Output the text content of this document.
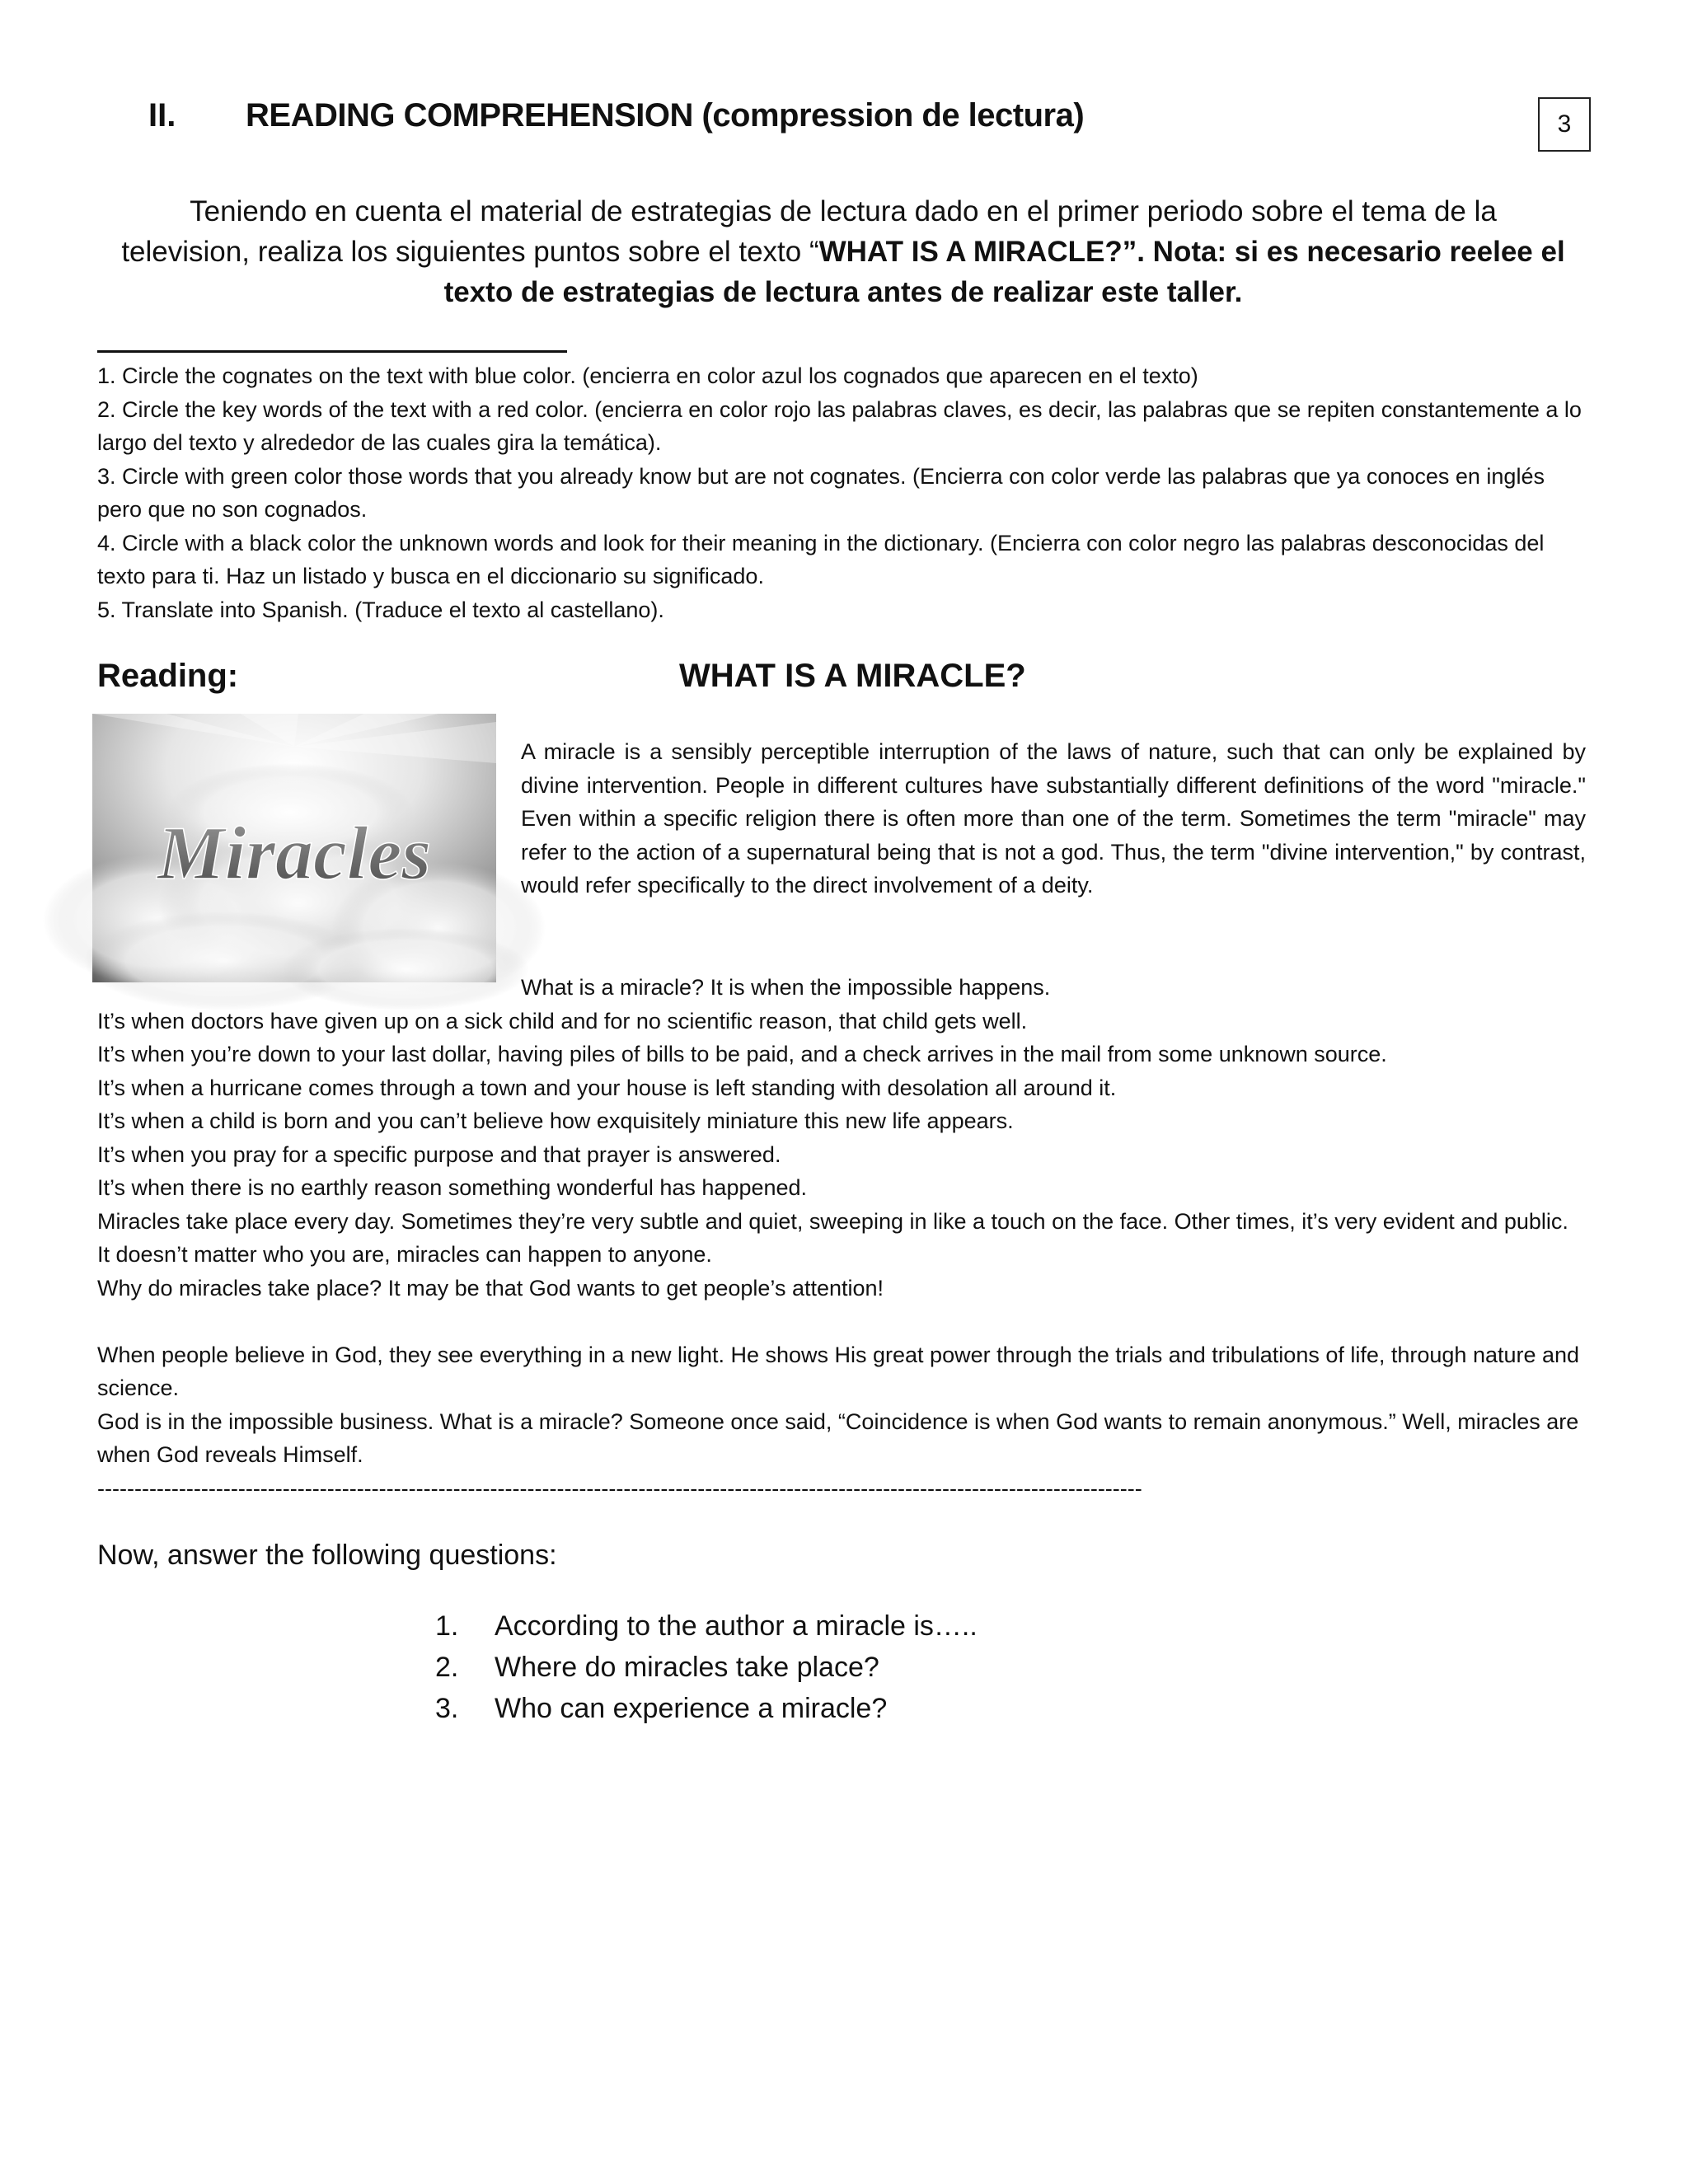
II. READING COMPREHENSION (compression de lectura)	3
Teniendo en cuenta el material de estrategias de lectura dado en el primer periodo sobre el tema de la
television, realiza los siguientes puntos sobre el texto “WHAT IS A MIRACLE?”. Nota: si es necesario reelee el texto de estrategias de lectura antes de realizar este taller.

1. Circle the cognates on the text with blue color. (encierra en color azul los cognados que aparecen en el texto)

2. Circle the key words of the text with a red color. (encierra en color rojo las palabras claves, es decir, las palabras que se repiten constantemente a lo largo del texto y alrededor de las cuales gira la temática).

3. Circle with green color those words that you already know but are not cognates. (Encierra con color verde las palabras que ya conoces en inglés pero que no son cognados.

4. Circle with a black color the unknown words and look for their meaning in the dictionary. (Encierra con color negro las palabras desconocidas del texto para ti. Haz un listado y busca en el diccionario su significado.

5. Translate into Spanish. (Traduce el texto al castellano).

Reading:	WHAT IS A MIRACLE?
Miracles

A miracle is a sensibly perceptible interruption of the laws of nature, such that can only be explained by divine intervention. People in different cultures have substantially different definitions of the word "miracle." Even within a specific religion there is often more than one of the term. Sometimes the term "miracle" may refer to the action of a supernatural being that is not a god. Thus, the term "divine intervention," by contrast, would refer specifically to the direct involvement of a deity.

What is a miracle? It is when the impossible happens.

It’s when doctors have given up on a sick child and for no scientific reason, that child gets well.

It’s when you’re down to your last dollar, having piles of bills to be paid, and a check arrives in the mail from some unknown source.

It’s when a hurricane comes through a town and your house is left standing with desolation all around it.

It’s when a child is born and you can’t believe how exquisitely miniature this new life appears.

It’s when you pray for a specific purpose and that prayer is answered.

It’s when there is no earthly reason something wonderful has happened.

Miracles take place every day. Sometimes they’re very subtle and quiet, sweeping in like a touch on the face. Other times, it’s very evident and public. It doesn’t matter who you are, miracles can happen to anyone.

Why do miracles take place? It may be that God wants to get people’s attention!

When people believe in God, they see everything in a new light. He shows His great power through the trials and tribulations of life, through nature and science.

God is in the impossible business. What is a miracle? Someone once said, “Coincidence is when God wants to remain anonymous.” Well, miracles are when God reveals Himself.

---------------------------------------------------------------------------------------------------------------------------------------------

Now, answer the following questions:
1.	According to the author a miracle is…..
2.	Where do miracles take place?
3.	Who can experience a miracle?
